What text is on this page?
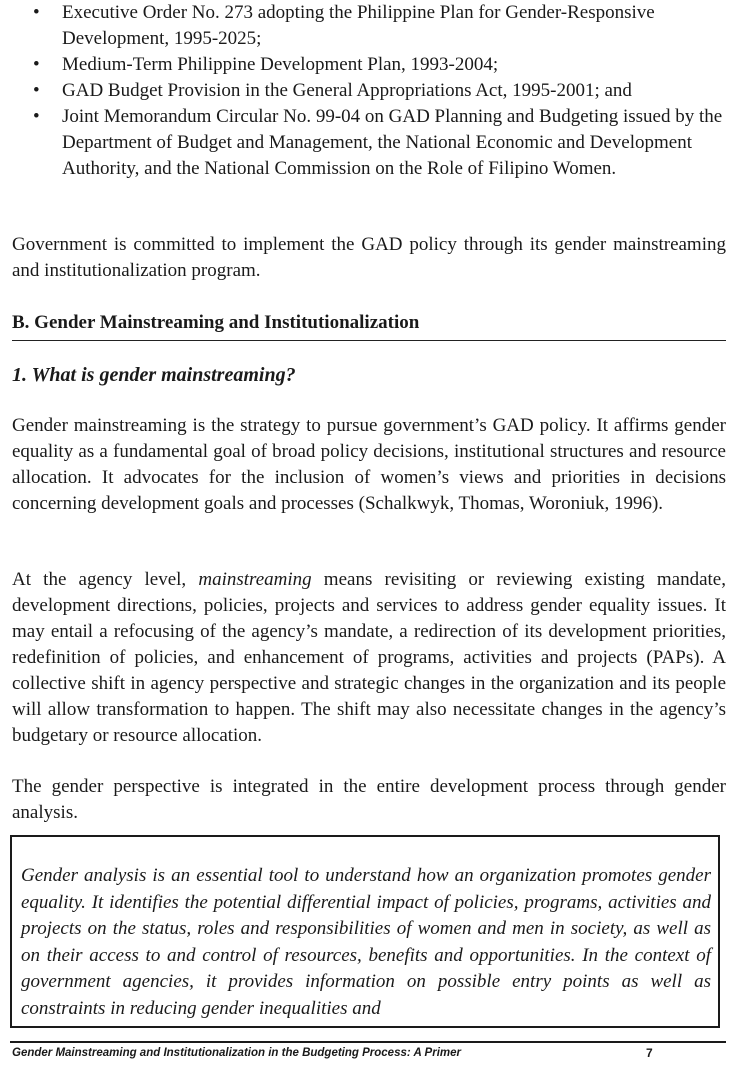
• Executive Order No. 273 adopting the Philippine Plan for Gender-Responsive Development, 1995-2025;
• Medium-Term Philippine Development Plan, 1993-2004;
• GAD Budget Provision in the General Appropriations Act, 1995-2001; and
• Joint Memorandum Circular No. 99-04 on GAD Planning and Budgeting issued by the Department of Budget and Management, the National Economic and Development Authority, and the National Commission on the Role of Filipino Women.

Government is committed to implement the GAD policy through its gender mainstreaming and institutionalization program.

B. Gender Mainstreaming and Institutionalization
1. What is gender mainstreaming?

Gender mainstreaming is the strategy to pursue government’s GAD policy. It affirms gender equality as a fundamental goal of broad policy decisions, institutional structures and resource allocation. It advocates for the inclusion of women’s views and priorities in decisions concerning development goals and processes (Schalkwyk, Thomas, Woroniuk, 1996).

At the agency level, mainstreaming means revisiting or reviewing existing mandate, development directions, policies, projects and services to address gender equality issues. It may entail a refocusing of the agency’s mandate, a redirection of its development priorities, redefinition of policies, and enhancement of programs, activities and projects (PAPs). A collective shift in agency perspective and strategic changes in the organization and its people will allow transformation to happen. The shift may also necessitate changes in the agency’s budgetary or resource allocation.

The gender perspective is integrated in the entire development process through gender analysis.

Gender analysis is an essential tool to understand how an organization promotes gender equality. It identifies the potential differential impact of policies, programs, activities and projects on the status, roles and responsibilities of women and men in society, as well as on their access to and control of resources, benefits and opportunities. In the context of government agencies, it provides information on possible entry points as well as constraints in reducing gender inequalities and

Gender Mainstreaming and Institutionalization in the Budgeting Process: A Primer	7
